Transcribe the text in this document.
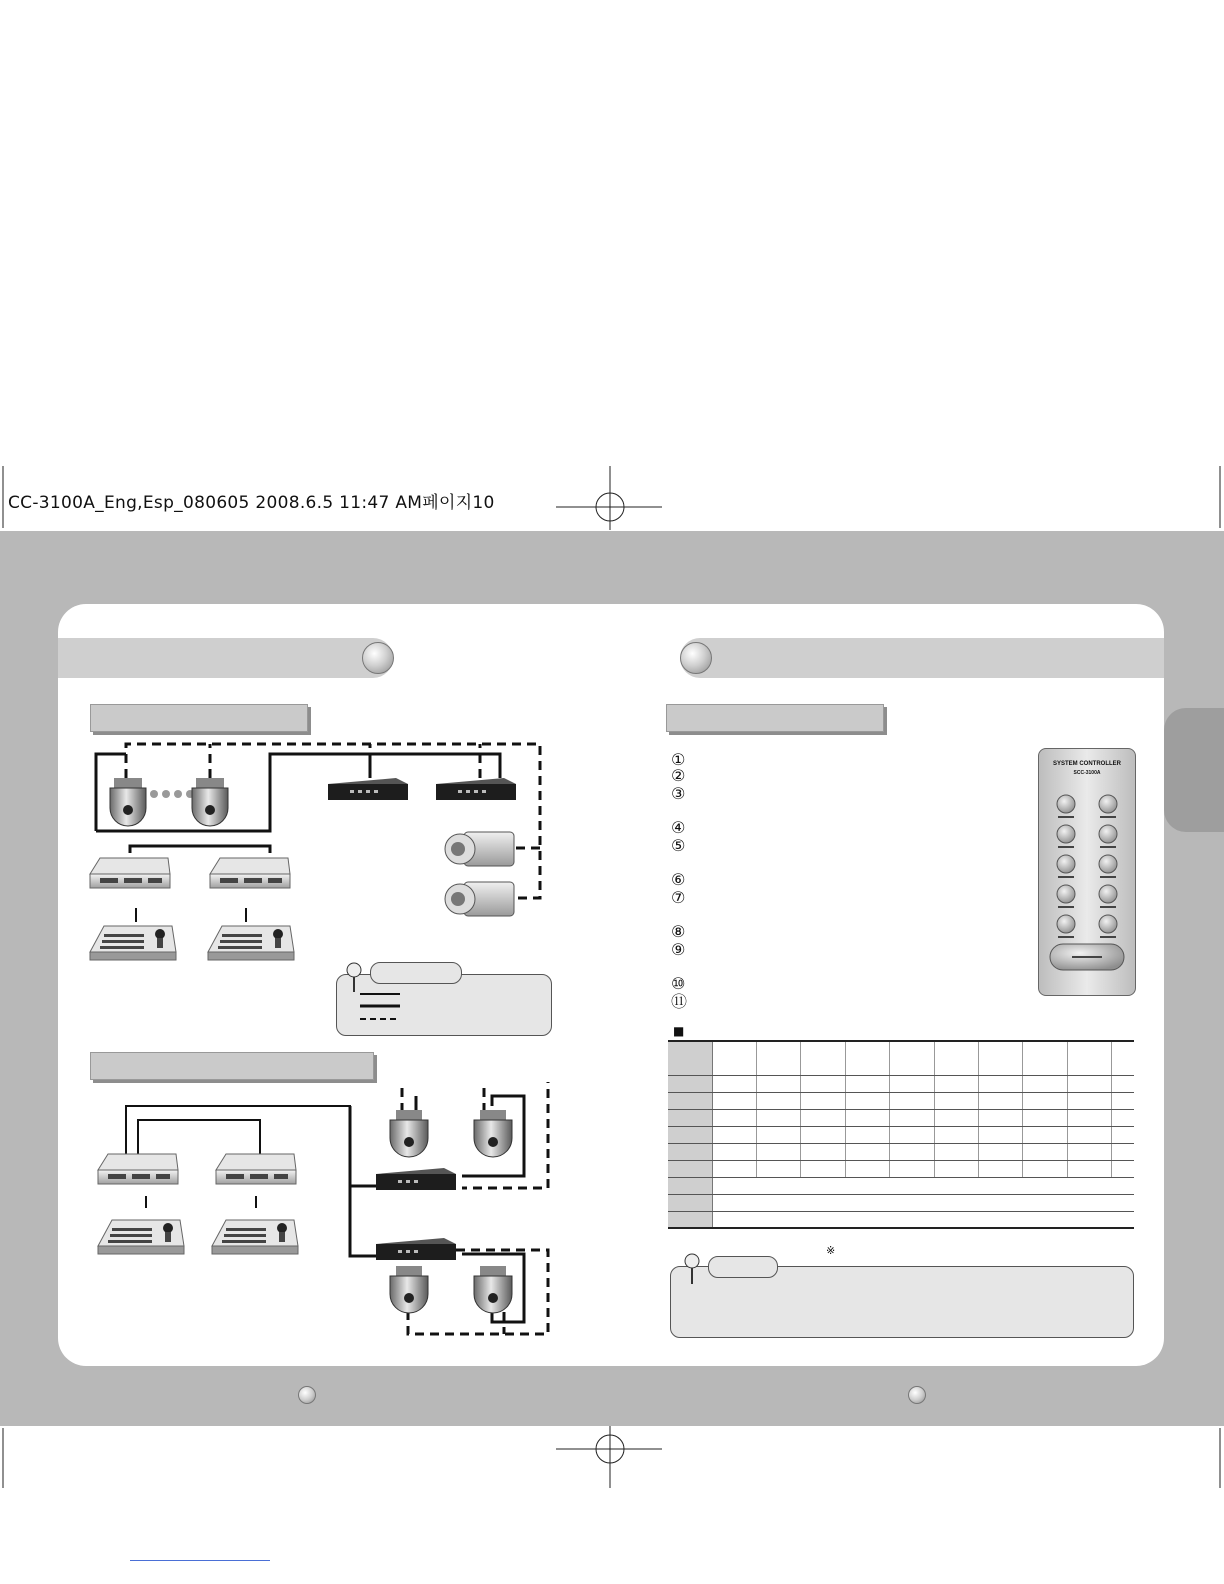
CC-3100A_Eng,Esp_080605 2008.6.5 11:47 AM페이지10
①
②
③
④
⑤
⑥
⑦
⑧
⑨
⑩
⑪
SYSTEM CONTROLLER
SCC-3100A
■

※
